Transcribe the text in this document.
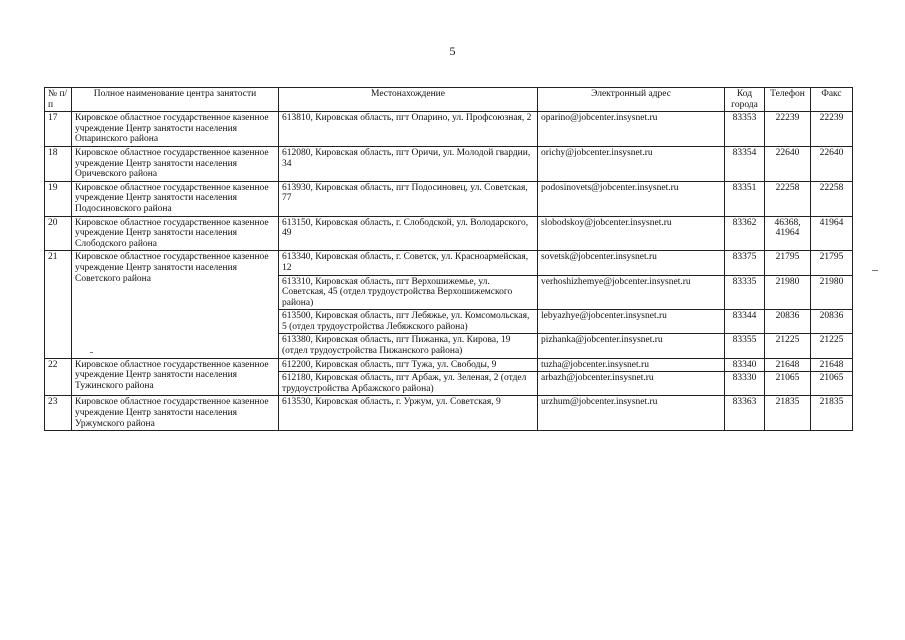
5
№ п/п	Полное наименование центра занятости	Местонахождение	Электронный адрес	Код города	Телефон	Факс
17	Кировское областное государственное казенное учреждение Центр занятости населения Опаринского района	613810, Кировская область, пгт Опарино, ул. Профсоюзная, 2	oparino@jobcenter.insysnet.ru	83353	22239	22239
18	Кировское областное государственное казенное учреждение Центр занятости населения Оричевского района	612080, Кировская область, пгт Оричи, ул. Молодой гвардии, 34	orichy@jobcenter.insysnet.ru	83354	22640	22640
19	Кировское областное государственное казенное учреждение Центр занятости населения Подосиновского района	613930, Кировская область, пгт Подосиновец, ул. Советская, 77	podosinovets@jobcenter.insysnet.ru	83351	22258	22258
20	Кировское областное государственное казенное учреждение Центр занятости населения Слободского района	613150, Кировская область, г. Слободской, ул. Володарского, 49	slobodskoy@jobcenter.insysnet.ru	83362	46368, 41964	41964
21	Кировское областное государственное казенное учреждение Центр занятости населения Советского района	613340, Кировская область, г. Советск, ул. Красноармейская, 12	sovetsk@jobcenter.insysnet.ru	83375	21795	21795
		613310, Кировская область, пгт Верхошижемье, ул. Советская, 45 (отдел трудоустройства Верхошижемского района)	verhoshizhemye@jobcenter.insysnet.ru	83335	21980	21980
		613500, Кировская область, пгт Лебяжье, ул. Комсомольская, 5 (отдел трудоустройства Лебяжского района)	lebyazhye@jobcenter.insysnet.ru	83344	20836	20836
		613380, Кировская область, пгт Пижанка, ул. Кирова, 19 (отдел трудоустройства Пижанского района)	pizhanka@jobcenter.insysnet.ru	83355	21225	21225
22	Кировское областное государственное казенное учреждение Центр занятости населения Тужинского района	612200, Кировская область, пгт Тужа, ул. Свободы, 9	tuzha@jobcenter.insysnet.ru	83340	21648	21648
		612180, Кировская область, пгт Арбаж, ул. Зеленая, 2 (отдел трудоустройства Арбажского района)	arbazh@jobcenter.insysnet.ru	83330	21065	21065
23	Кировское областное государственное казенное учреждение Центр занятости населения Уржумского района	613530, Кировская область, г. Уржум, ул. Советская, 9	urzhum@jobcenter.insysnet.ru	83363	21835	21835
